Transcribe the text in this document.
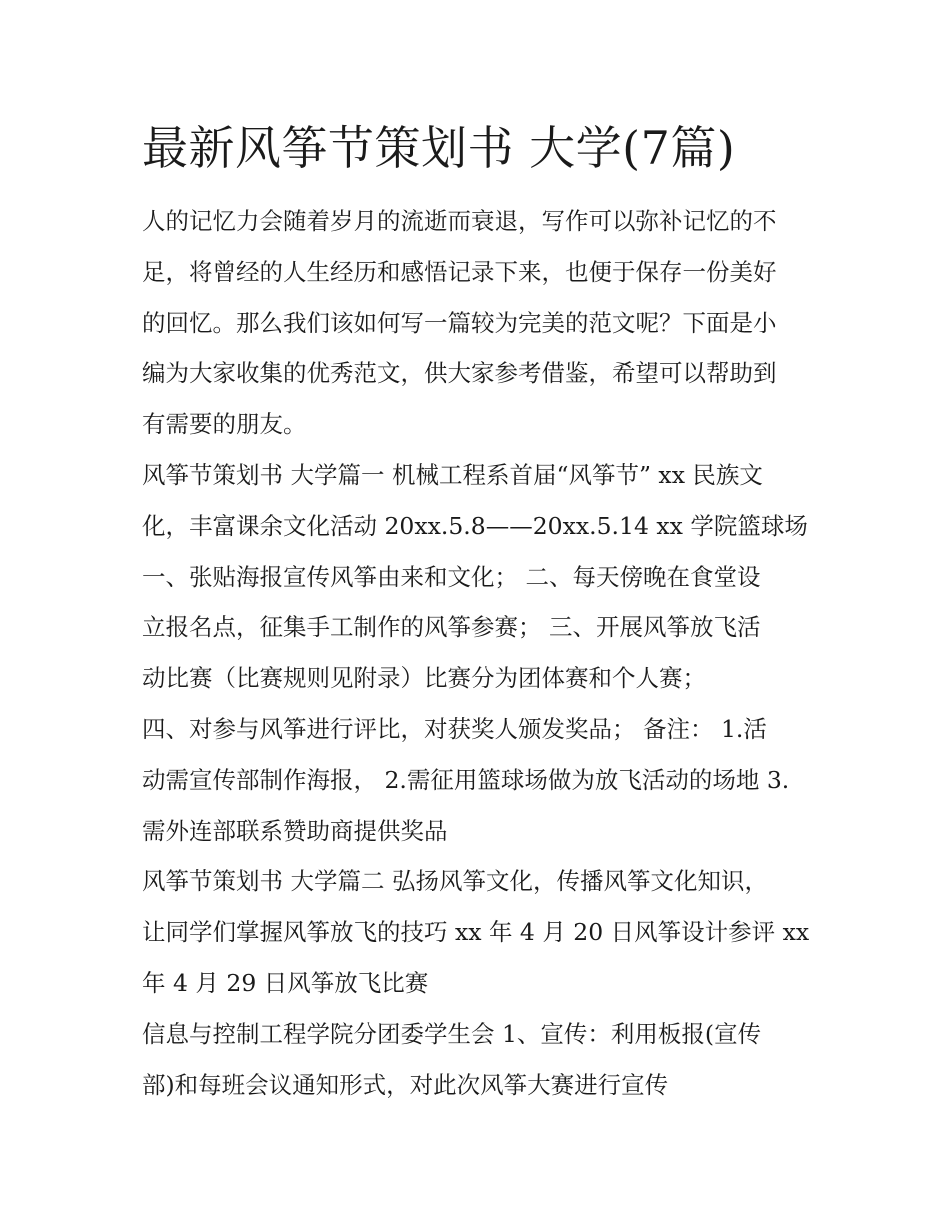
最新风筝节策划书 大学(7篇)
人的记忆力会随着岁月的流逝而衰退，写作可以弥补记忆的不
足，将曾经的人生经历和感悟记录下来，也便于保存一份美好
的回忆。那么我们该如何写一篇较为完美的范文呢？下面是小
编为大家收集的优秀范文，供大家参考借鉴，希望可以帮助到
有需要的朋友。
风筝节策划书 大学篇一 机械工程系首届“风筝节” xx 民族文
化，丰富课余文化活动 20xx.5.8——20xx.5.14 xx 学院篮球场
一、张贴海报宣传风筝由来和文化； 二、每天傍晚在食堂设
立报名点，征集手工制作的风筝参赛； 三、开展风筝放飞活
动比赛（比赛规则见附录）比赛分为团体赛和个人赛；
四、对参与风筝进行评比，对获奖人颁发奖品； 备注： 1.活
动需宣传部制作海报， 2.需征用篮球场做为放飞活动的场地 3.
需外连部联系赞助商提供奖品
风筝节策划书 大学篇二 弘扬风筝文化，传播风筝文化知识，
让同学们掌握风筝放飞的技巧 xx 年 4 月 20 日风筝设计参评 xx
年 4 月 29 日风筝放飞比赛
信息与控制工程学院分团委学生会 1、宣传：利用板报(宣传
部)和每班会议通知形式，对此次风筝大赛进行宣传
